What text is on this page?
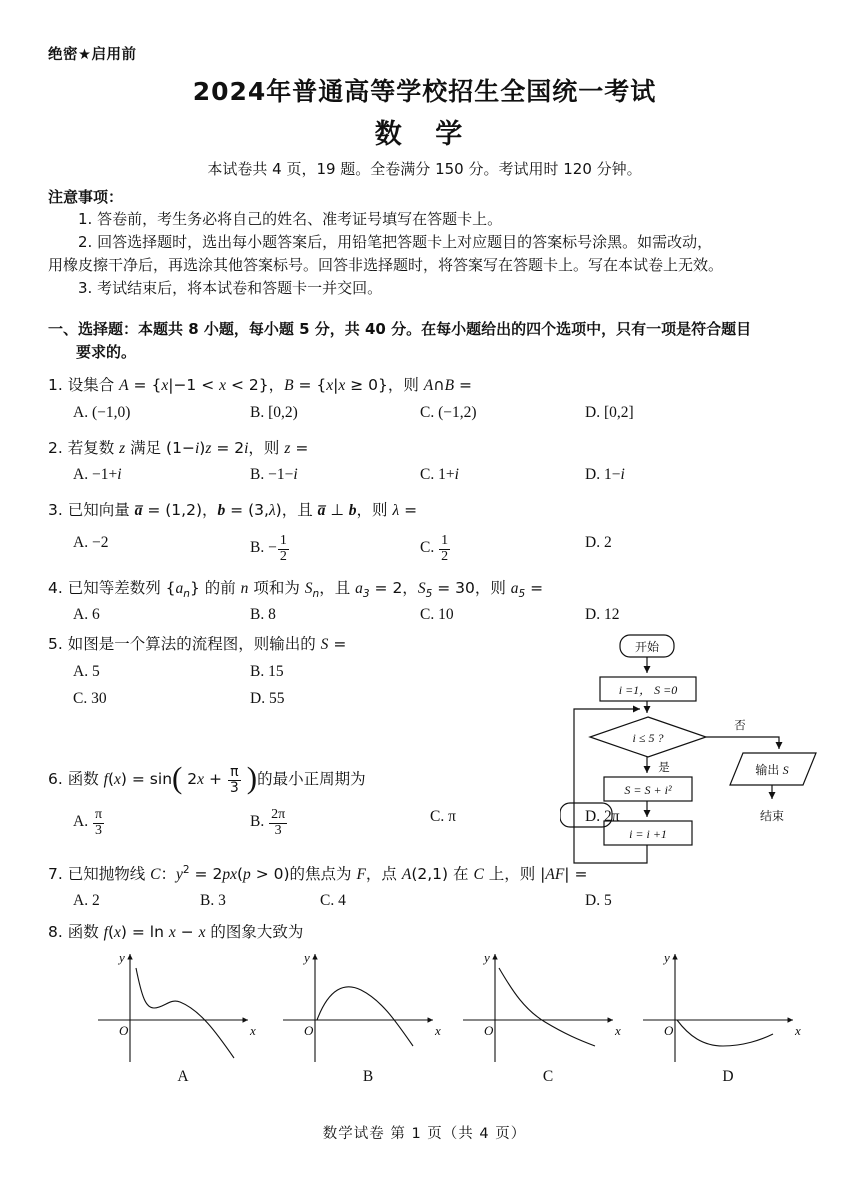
绝密★启用前
2024年普通高等学校招生全国统一考试
数 学
本试卷共 4 页，19 题。全卷满分 150 分。考试用时 120 分钟。
注意事项：

1. 答卷前，考生务必将自己的姓名、准考证号填写在答题卡上。

2. 回答选择题时，选出每小题答案后，用铅笔把答题卡上对应题目的答案标号涂黑。如需改动，

用橡皮擦干净后，再选涂其他答案标号。回答非选择题时，将答案写在答题卡上。写在本试卷上无效。

3. 考试结束后，将本试卷和答题卡一并交回。

一、选择题：本题共 8 小题，每小题 5 分，共 40 分。在每小题给出的四个选项中，只有一项是符合题目
要求的。
1. 设集合 A = {x|−1 < x < 2}，B = {x|x ≥ 0}，则 A∩B =
A. (−1,0)	B. [0,2)	C. (−1,2)	D. [0,2]
2. 若复数 z 满足 (1−i)z = 2i，则 z =
A. −1+i	B. −1−i	C. 1+i	D. 1−i
3. 已知向量 a̅ = (1,2)，b = (3,λ)，且 a̅ ⊥ b，则 λ =
A. −2	B. − $\frac{1}{2}$	C. $\frac{1}{2}$	D. 2
4. 已知等差数列 $\{a_n\}$ 的前 n 项和为 $S_n$，且 $a_3 = 2$，$S_5 = 30$，则 $a_5$ =
A. 6	B. 8	C. 10	D. 12
5. 如图是一个算法的流程图，则输出的 S =
A. 5	B. 15
C. 30	D. 55
开始
i =1， S =0
i ≤ 5 ?
S = S + i²
i = i +1
输出 S
结束
是
否
6. 函数 f(x) = sin( $2x + \frac{\pi}{3}$ )的最小正周期为
A. $\frac{\pi}{3}$	B. $\frac{2\pi}{3}$	C. π	D. 2π
7. 已知抛物线 C：$y^2 = 2px(p > 0)$的焦点为 F，点 A(2,1) 在 C 上，则 |AF| =
A. 2	B. 3	C. 4	D. 5
8. 函数 f(x) = ln x − x 的图象大致为
O	x
y
A
O	x
y
B
O	x
y
C
O	x
y
D
数学试卷 第 1 页（共 4 页）
